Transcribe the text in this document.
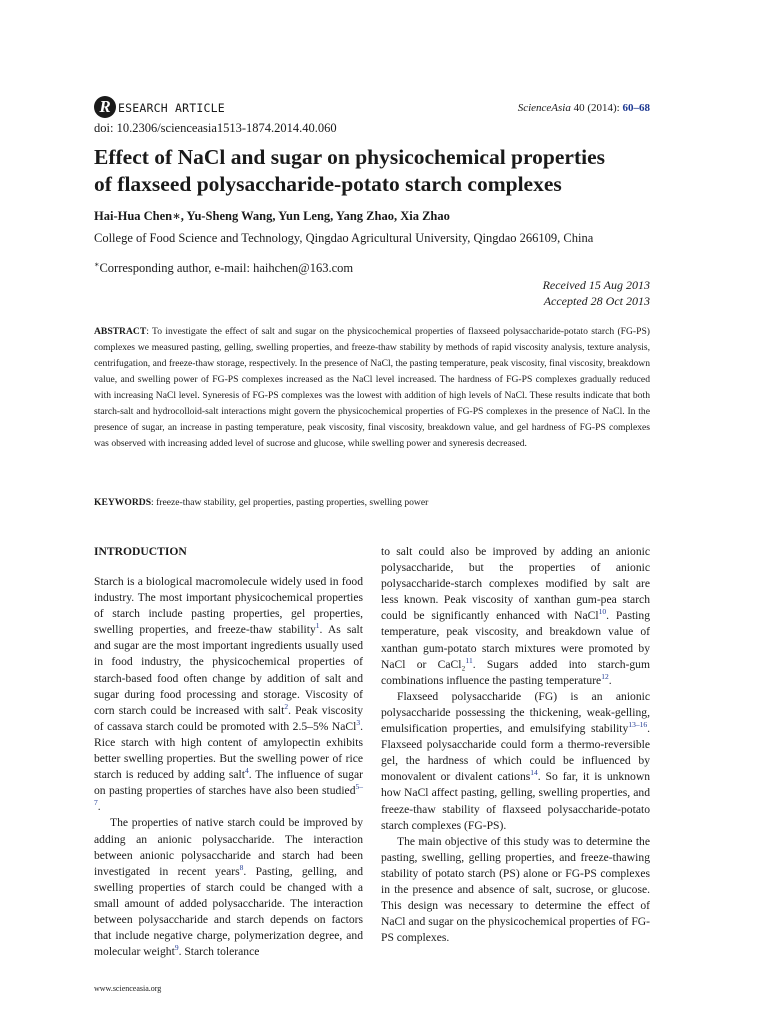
R ESEARCH ARTICLE	ScienceAsia 40 (2014): 60–68
doi: 10.2306/scienceasia1513-1874.2014.40.060
Effect of NaCl and sugar on physicochemical properties
of flaxseed polysaccharide-potato starch complexes
Hai-Hua Chen∗, Yu-Sheng Wang, Yun Leng, Yang Zhao, Xia Zhao
College of Food Science and Technology, Qingdao Agricultural University, Qingdao 266109, China
∗Corresponding author, e-mail: haihchen@163.com
Received 15 Aug 2013
Accepted 28 Oct 2013

ABSTRACT: To investigate the effect of salt and sugar on the physicochemical properties of flaxseed polysaccharide-potato starch (FG-PS) complexes we measured pasting, gelling, swelling properties, and freeze-thaw stability by methods of rapid viscosity analysis, texture analysis, centrifugation, and freeze-thaw storage, respectively. In the presence of NaCl, the pasting temperature, peak viscosity, final viscosity, breakdown value, and swelling power of FG-PS complexes increased as the NaCl level increased. The hardness of FG-PS complexes gradually reduced with increasing NaCl level. Syneresis of FG-PS complexes was the lowest with addition of high levels of NaCl. These results indicate that both starch-salt and hydrocolloid-salt interactions might govern the physicochemical properties of FG-PS complexes in the presence of NaCl. In the presence of sugar, an increase in pasting temperature, peak viscosity, final viscosity, breakdown value, and gel hardness of FG-PS complexes was observed with increasing added level of sucrose and glucose, while swelling power and syneresis decreased.

KEYWORDS: freeze-thaw stability, gel properties, pasting properties, swelling power
INTRODUCTION

Starch is a biological macromolecule widely used in food industry. The most important physicochemical properties of starch include pasting properties, gel properties, swelling properties, and freeze-thaw stability$^1$. As salt and sugar are the most important ingredients usually used in food industry, the physicochemical properties of starch-based food often change by addition of salt and sugar during food processing and storage. Viscosity of corn starch could be increased with salt$^2$. Peak viscosity of cassava starch could be promoted with 2.5–5% NaCl$^3$. Rice starch with high content of amylopectin exhibits better swelling properties. But the swelling power of rice starch is reduced by adding salt$^4$. The influence of sugar on pasting properties of starches have also been studied$^{5-7}$.

The properties of native starch could be improved by adding an anionic polysaccharide. The interaction between anionic polysaccharide and starch had been investigated in recent years$^8$. Pasting, gelling, and swelling properties of starch could be changed with a small amount of added polysaccharide. The interaction between polysaccharide and starch depends on factors that include negative charge, polymerization degree, and molecular weight$^9$. Starch tolerance

to salt could also be improved by adding an anionic polysaccharide, but the properties of anionic polysaccharide-starch complexes modified by salt are less known. Peak viscosity of xanthan gum-pea starch could be significantly enhanced with NaCl$^{10}$. Pasting temperature, peak viscosity, and breakdown value of xanthan gum-potato starch mixtures were promoted by NaCl or CaCl₂$^{11}$. Sugars added into starch-gum combinations influence the pasting temperature$^{12}$.

Flaxseed polysaccharide (FG) is an anionic polysaccharide possessing the thickening, weak-gelling, emulsification properties, and emulsifying stability$^{13-16}$. Flaxseed polysaccharide could form a thermo-reversible gel, the hardness of which could be influenced by monovalent or divalent cations$^{14}$. So far, it is unknown how NaCl affect pasting, gelling, swelling properties, and freeze-thaw stability of flaxseed polysaccharide-potato starch complexes (FG-PS).

The main objective of this study was to determine the pasting, swelling, gelling properties, and freeze-thawing stability of potato starch (PS) alone or FG-PS complexes in the presence and absence of salt, sucrose, or glucose. This design was necessary to determine the effect of NaCl and sugar on the physicochemical properties of FG-PS complexes.

www.scienceasia.org
